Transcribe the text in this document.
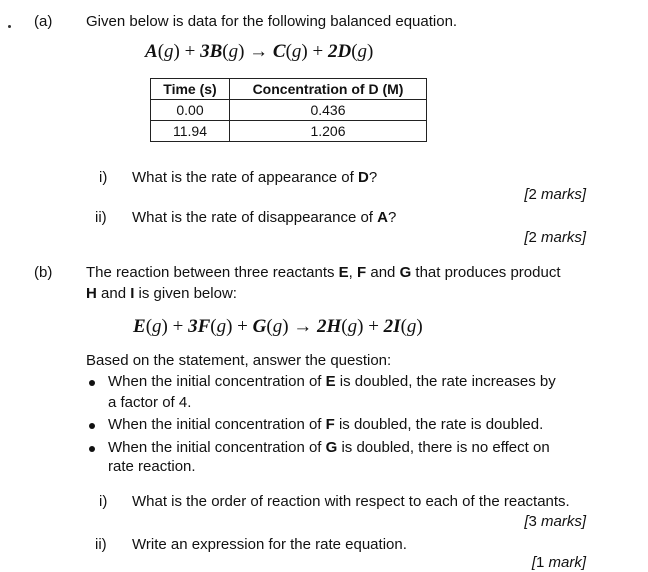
(a) Given below is data for the following balanced equation.
A(g) + 3B(g) → C(g) + 2D(g)
Time (s)	Concentration of D (M)
0.00	0.436
11.94	1.206
i) What is the rate of appearance of D?
[2 marks]
ii) What is the rate of disappearance of A?
[2 marks]
(b) The reaction between three reactants E, F and G that produces product
H and I is given below:
E(g) + 3F(g) + G(g) → 2H(g) + 2I(g)
Based on the statement, answer the question:
When the initial concentration of E is doubled, the rate increases by
a factor of 4.
When the initial concentration of F is doubled, the rate is doubled.
When the initial concentration of G is doubled, there is no effect on
rate reaction.
i) What is the order of reaction with respect to each of the reactants.
[3 marks]
ii) Write an expression for the rate equation.
[1 mark]
